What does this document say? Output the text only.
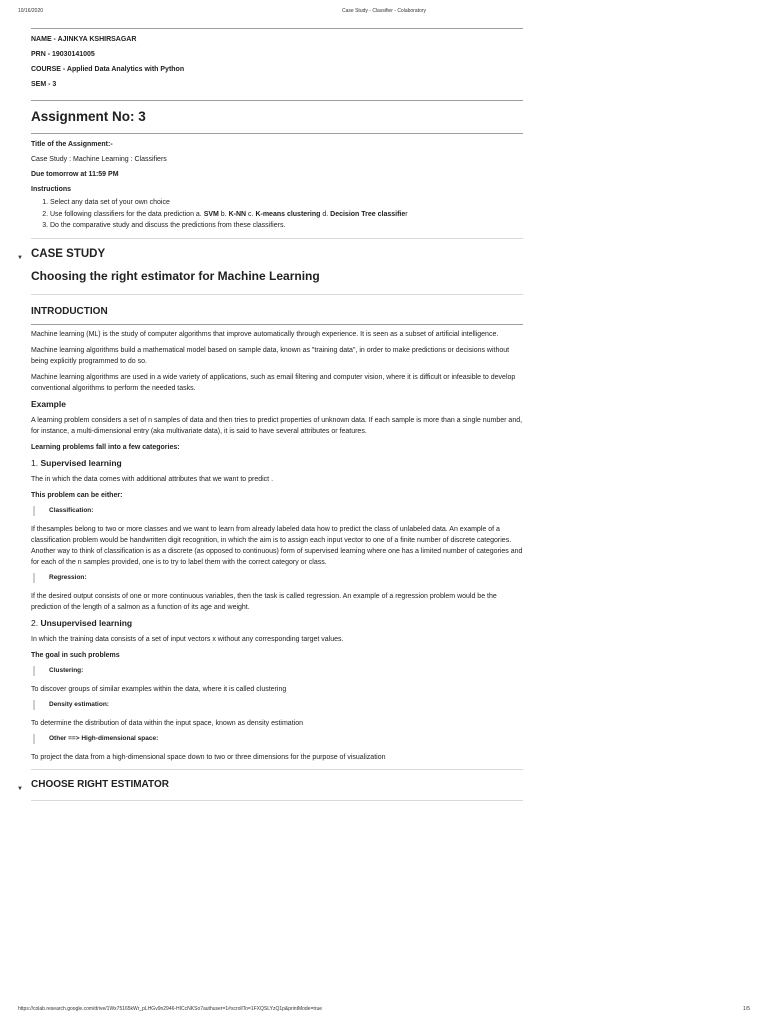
10/16/2020	Case Study - Classifier - Colaboratory

NAME - AJINKYA KSHIRSAGAR

PRN - 19030141005

COURSE - Applied Data Analytics with Python

SEM - 3

Assignment No: 3
Title of the Assignment:-
Case Study : Machine Learning : Classifiers
Due tomorrow at 11:59 PM
Instructions
1. Select any data set of your own choice
2. Use following classifiers for the data prediction a. SVM b. K-NN c. K-means clustering d. Decision Tree classifier
3. Do the comparative study and discuss the predictions from these classifiers.
▼ CASE STUDY
Choosing the right estimator for Machine Learning
INTRODUCTION

Machine learning (ML) is the study of computer algorithms that improve automatically through experience. It is seen as a subset of artificial intelligence.

Machine learning algorithms build a mathematical model based on sample data, known as "training data", in order to make predictions or decisions without being explicitly programmed to do so.

Machine learning algorithms are used in a wide variety of applications, such as email filtering and computer vision, where it is difficult or infeasible to develop conventional algorithms to perform the needed tasks.

Example

A learning problem considers a set of n samples of data and then tries to predict properties of unknown data. If each sample is more than a single number and, for instance, a multi-dimensional entry (aka multivariate data), it is said to have several attributes or features.

Learning problems fall into a few categories:

1. Supervised learning

The in which the data comes with additional attributes that we want to predict .

This problem can be either:

Classification:

If thesamples belong to two or more classes and we want to learn from already labeled data how to predict the class of unlabeled data. An example of a classification problem would be handwritten digit recognition, in which the aim is to assign each input vector to one of a finite number of discrete categories. Another way to think of classification is as a discrete (as opposed to continuous) form of supervised learning where one has a limited number of categories and for each of the n samples provided, one is to try to label them with the correct category or class.

Regression:

If the desired output consists of one or more continuous variables, then the task is called regression. An example of a regression problem would be the prediction of the length of a salmon as a function of its age and weight.

2. Unsupervised learning

In which the training data consists of a set of input vectors x without any corresponding target values.

The goal in such problems

Clustering:

To discover groups of similar examples within the data, where it is called clustering

Density estimation:

To determine the distribution of data within the input space, known as density estimation

Other ==> High-dimensional space:

To project the data from a high-dimensional space down to two or three dimensions for the purpose of visualization

▼ CHOOSE RIGHT ESTIMATOR
https://colab.research.google.com/drive/1Wx75165kWr_pLHGv9n2946-HICcNKSo7authuser=1#scrollTo=1FXQSLYzQ1p&printMode=true	1/5
